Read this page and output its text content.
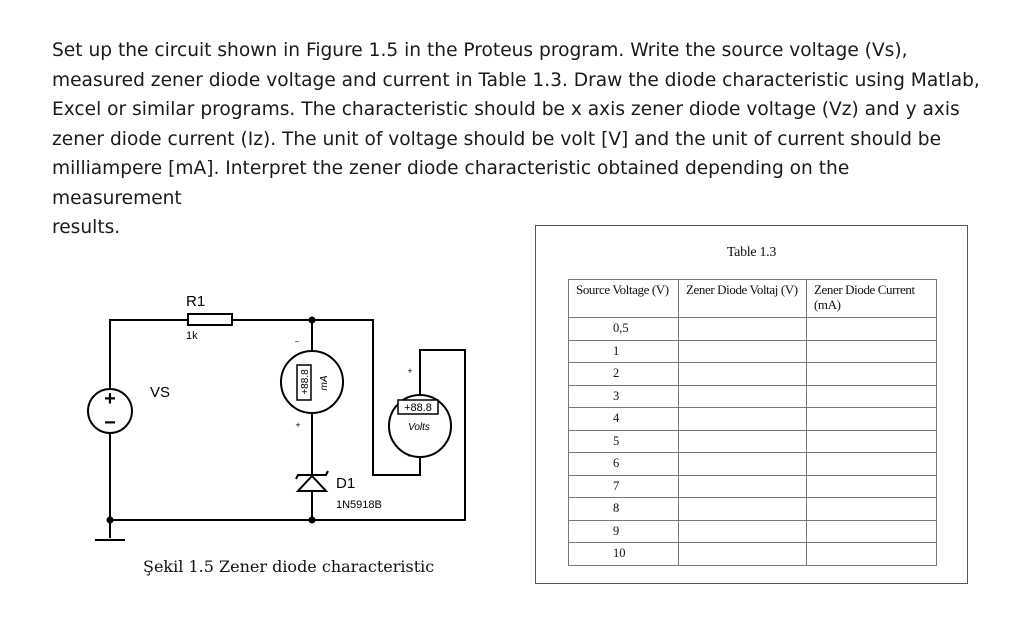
Set up the circuit shown in Figure 1.5 in the Proteus program. Write the source voltage (Vs),
measured zener diode voltage and current in Table 1.3. Draw the diode characteristic using Matlab,
Excel or similar programs. The characteristic should be x axis zener diode voltage (Vz) and y axis
zener diode current (Iz). The unit of voltage should be volt [V] and the unit of current should be
milliampere [mA]. Interpret the zener diode characteristic obtained depending on the measurement
results.
+
−
VS
R1
1k
+88.8 mA
−
+
+88.8
Volts
+
−
D1
1N5918B
Şekil 1.5 Zener diode characteristic
Table 1.3
Source Voltage (V)	Zener Diode Voltaj (V)	Zener Diode Current (mA)
0,5		
1		
2		
3		
4		
5		
6		
7		
8		
9		
10		
